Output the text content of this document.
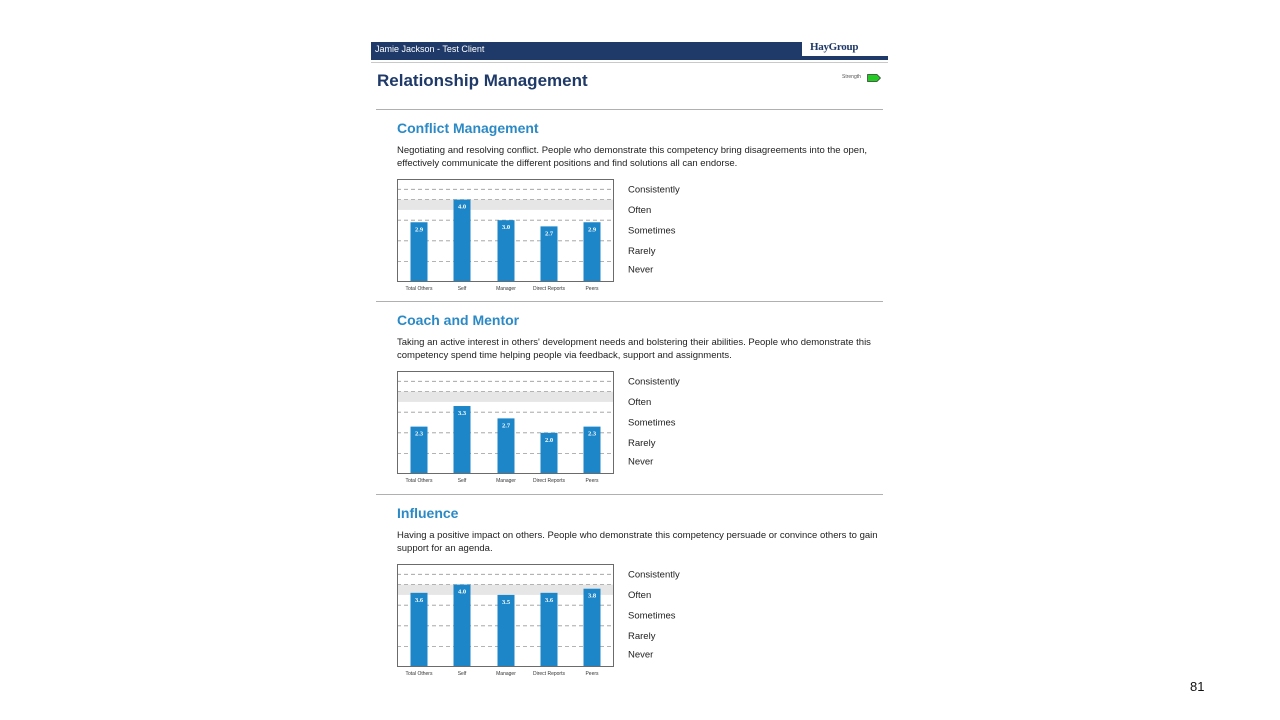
Jamie Jackson - Test Client	HayGroup
Relationship Management	Strength
Conflict Management
Negotiating and resolving conflict. People who demonstrate this competency bring disagreements into the open, effectively communicate the different positions and find solutions all can endorse.
2.9
Total Others
4.0
Self
3.0
Manager
2.7
Direct Reports
2.9
Peers
Never
Rarely
Sometimes
Often
Consistently
Coach and Mentor
Taking an active interest in others' development needs and bolstering their abilities. People who demonstrate this competency spend time helping people via feedback, support and assignments.
2.3
Total Others
3.3
Self
2.7
Manager
2.0
Direct Reports
2.3
Peers
Never
Rarely
Sometimes
Often
Consistently
Influence
Having a positive impact on others. People who demonstrate this competency persuade or convince others to gain support for an agenda.
3.6
Total Others
4.0
Self
3.5
Manager
3.6
Direct Reports
3.8
Peers
Never
Rarely
Sometimes
Often
Consistently
81
